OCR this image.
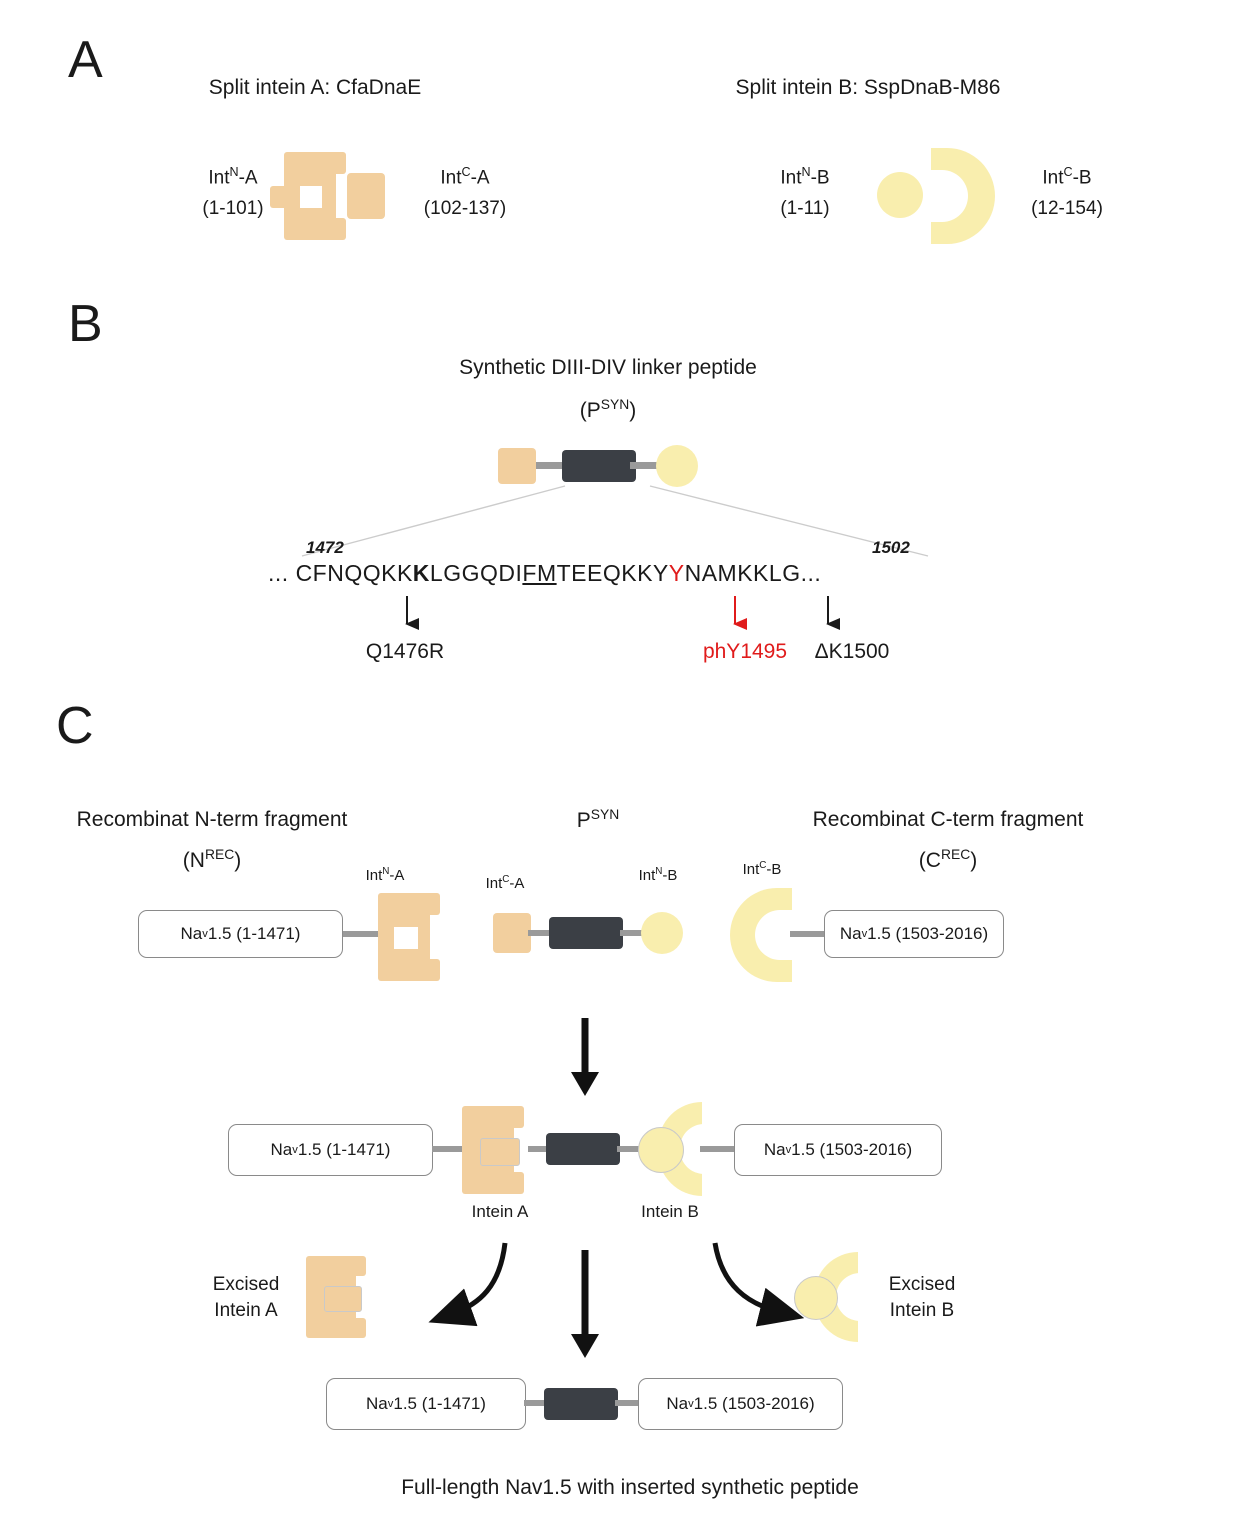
A	Split intein A: CfaDnaE
Int$^N$-A
(1-101)
Int$^C$-A
(102-137)
Split intein B: SspDnaB-M86
Int$^N$-B
(1-11)
Int$^C$-B
(12-154)
B
Synthetic DIII-DIV linker peptide
$(P^{SYN})$
1472	1502
... CFNQQKKKLGGQDIFMTEEQKKYYNAMKKLG...
Q1476R	phY1495	ΔK1500
C
Recombinat N-term fragment
$(N^{REC})$
$P^{SYN}$	Recombinat C-term fragment
$(C^{REC})$
Int$^N$-A	Int$^C$-A	Int$^N$-B	Int$^C$-B
Na v 1.5 (1-1471)	Na v 1.5 (1503-2016)
Na v 1.5 (1-1471)	Na v 1.5 (1503-2016)
Intein A	Intein B
Excised
Intein A
Excised
Intein B
Na v 1.5 (1-1471)	Na v 1.5 (1503-2016)
Full-length Nav1.5 with inserted synthetic peptide
